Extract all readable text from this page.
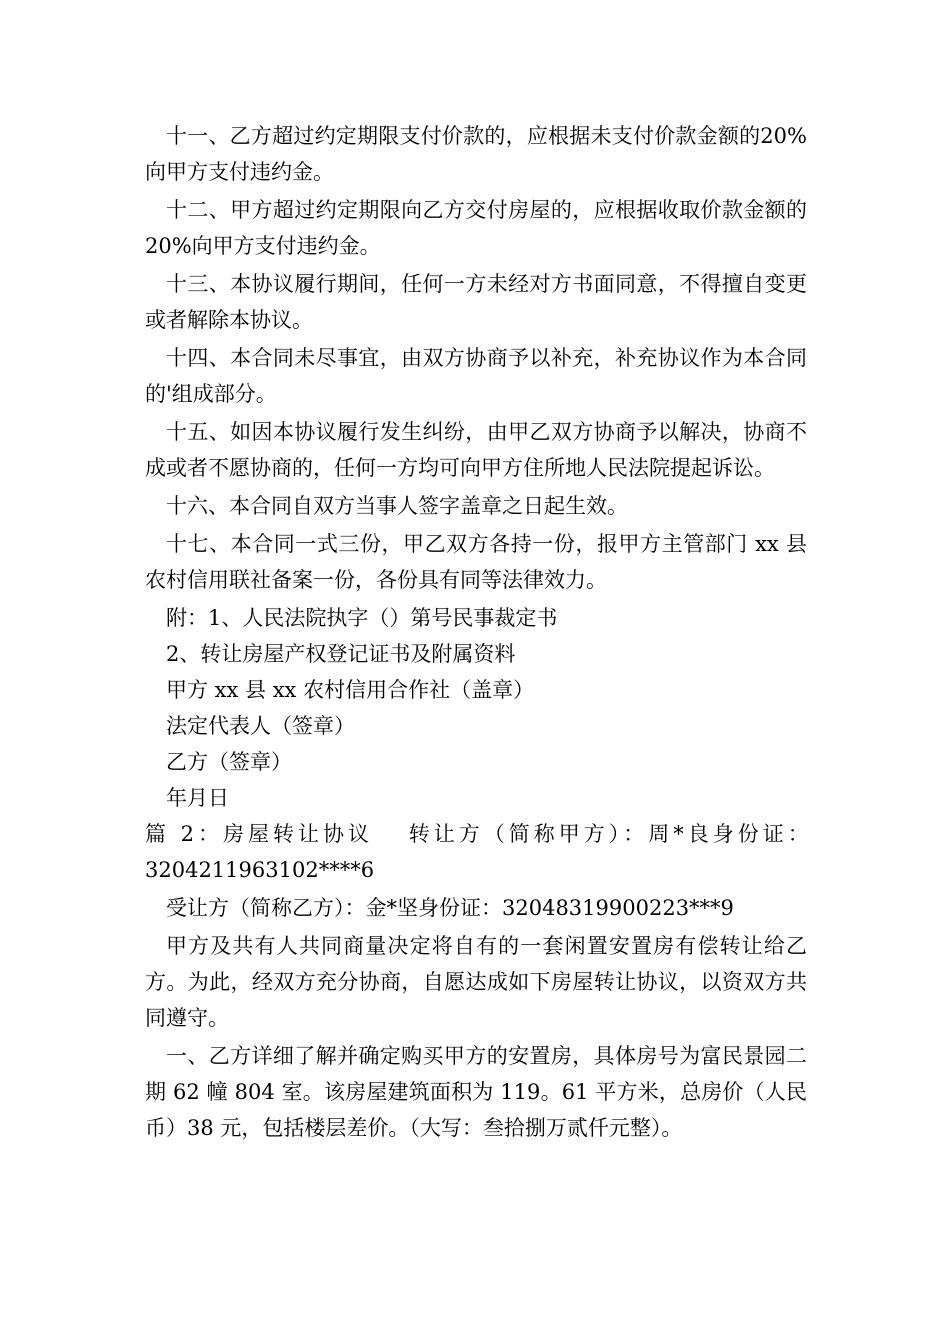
十一、乙方超过约定期限支付价款的，应根据未支付价款金额的20%向甲方支付违约金。

十二、甲方超过约定期限向乙方交付房屋的，应根据收取价款金额的 20%向甲方支付违约金。

十三、本协议履行期间，任何一方未经对方书面同意，不得擅自变更或者解除本协议。

十四、本合同未尽事宜，由双方协商予以补充，补充协议作为本合同的'组成部分。

十五、如因本协议履行发生纠纷，由甲乙双方协商予以解决，协商不成或者不愿协商的，任何一方均可向甲方住所地人民法院提起诉讼。

十六、本合同自双方当事人签字盖章之日起生效。

十七、本合同一式三份，甲乙双方各持一份，报甲方主管部门 xx 县农村信用联社备案一份，各份具有同等法律效力。

附：1、人民法院执字（）第号民事裁定书
2、转让房屋产权登记证书及附属资料
甲方 xx 县 xx 农村信用合作社（盖章）
法定代表人（签章）
乙方（签章）
年月日
篇 2：房屋转让协议　 转让方（简称甲方）：周*良身份证：
3204211963102****6
受让方（简称乙方）：金*坚身份证：32048319900223***9

甲方及共有人共同商量决定将自有的一套闲置安置房有偿转让给乙方。为此，经双方充分协商，自愿达成如下房屋转让协议，以资双方共同遵守。

一、乙方详细了解并确定购买甲方的安置房，具体房号为富民景园二期 62 幢 804 室。该房屋建筑面积为 119。61 平方米，总房价（人民币）38 元，包括楼层差价。（大写：叁拾捌万贰仟元整）。
